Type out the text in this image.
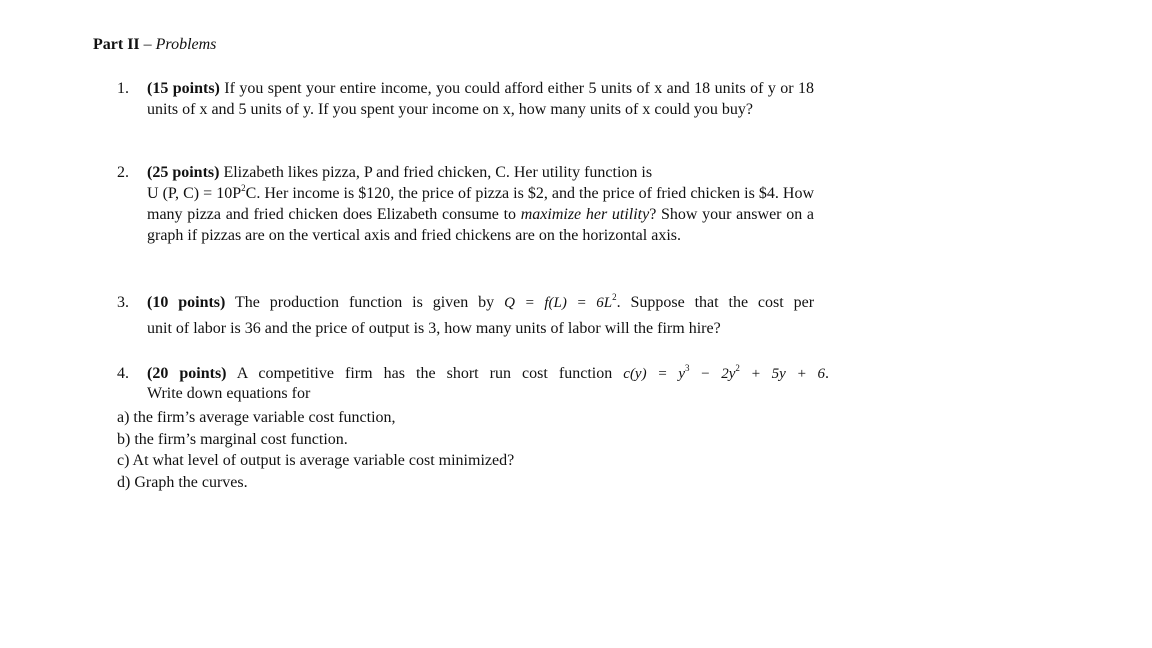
Part II – Problems
1.	(15 points) If you spent your entire income, you could afford either 5 units of x and 18 units of y or 18 units of x and 5 units of y. If you spent your income on x, how many units of x could you buy?
2.	(25 points) Elizabeth likes pizza, P and fried chicken, C. Her utility function is
U (P, $C) = 10P^2C$. Her income is $120, the price of pizza is $2, and the price of fried chicken is $4. How many pizza and fried chicken does Elizabeth consume to maximize her utility? Show your answer on a graph if pizzas are on the vertical axis and fried chickens are on the horizontal axis.
3.	(10 points) The production function is given by $Q = f(L) = 6L^2$. Suppose that the cost per
unit of labor is 36 and the price of output is 3, how many units of labor will the firm hire?
4.	(20 points) A competitive firm has the short run cost function $c(y) = y^3 - 2y^2 + 5y + 6$.
Write down equations for
a) the firm’s average variable cost function,
b) the firm’s marginal cost function.
c) At what level of output is average variable cost minimized?
d) Graph the curves.
